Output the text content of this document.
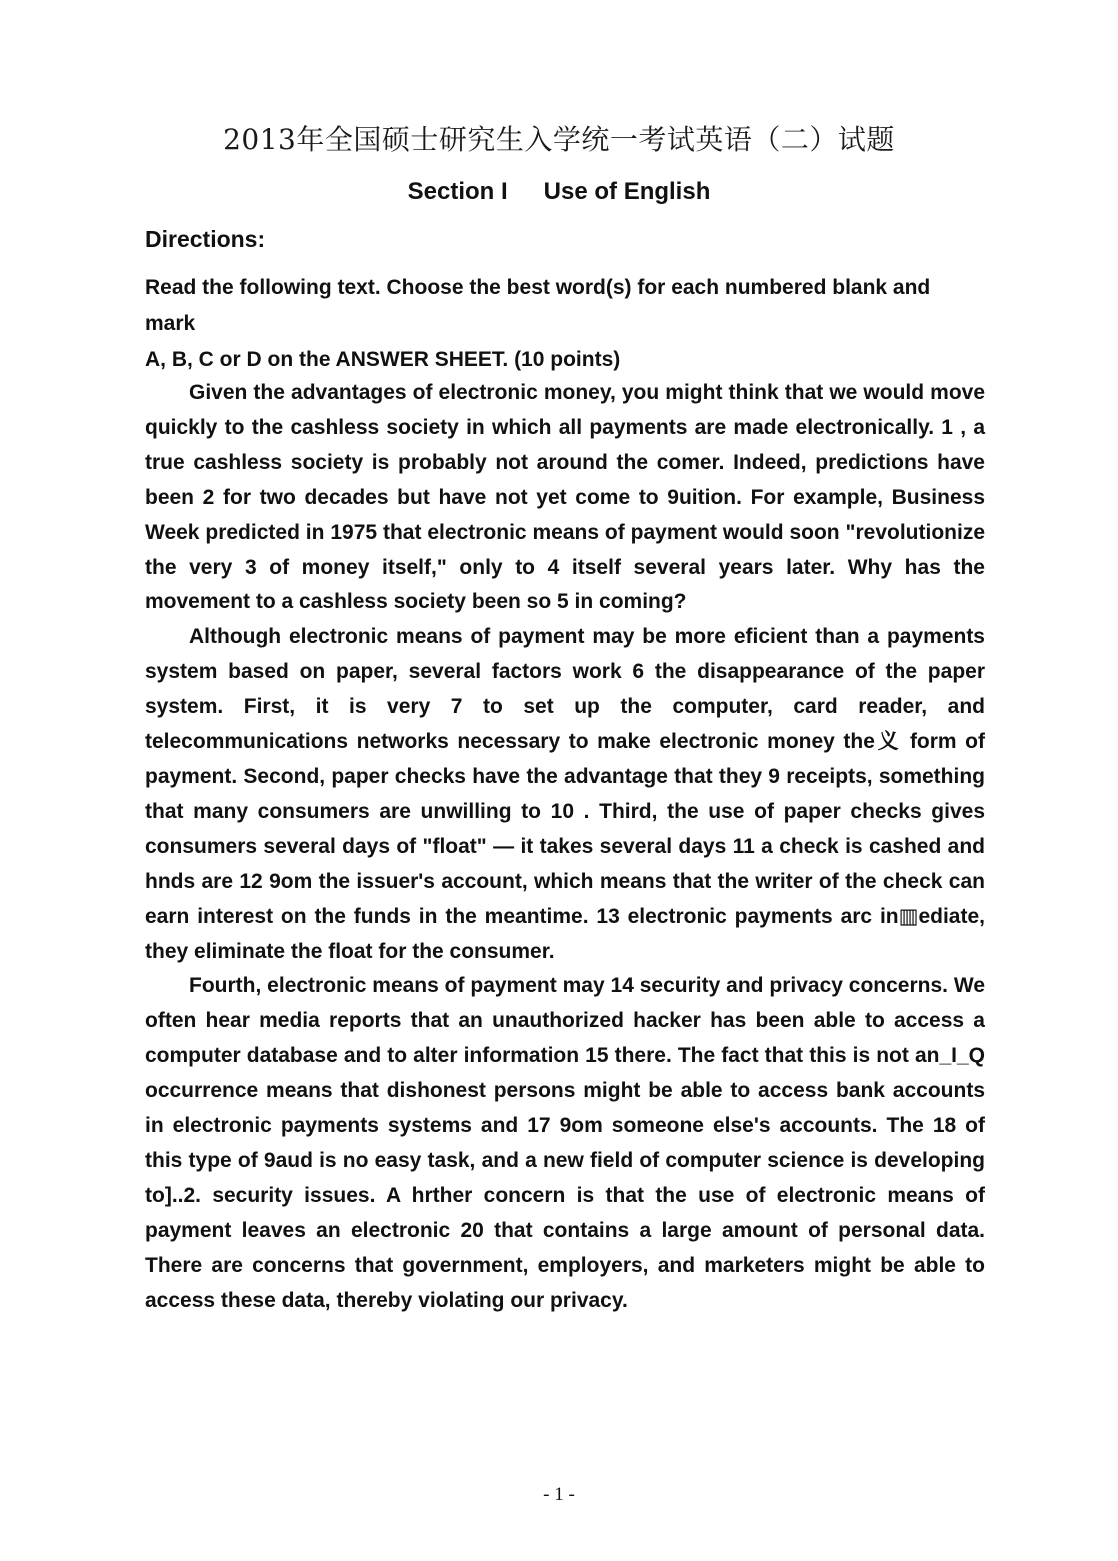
2013年全国硕士研究生入学统一考试英语（二）试题
Section I Use of English
Directions:
Read the following text. Choose the best word(s) for each numbered blank and mark
A, B, C or D on the ANSWER SHEET. (10 points)

Given the advantages of electronic money, you might think that we would move quickly to the cashless society in which all payments are made electronically. 1 , a true cashless society is probably not around the comer. Indeed, predictions have been 2 for two decades but have not yet come to 9uition. For example, Business Week predicted in 1975 that electronic means of payment would soon "revolutionize the very 3 of money itself," only to 4 itself several years later. Why has the movement to a cashless society been so 5 in coming?

Although electronic means of payment may be more eficient than a payments system based on paper, several factors work 6 the disappearance of the paper system. First, it is very 7 to set up the computer, card reader, and telecommunications networks necessary to make electronic money the义 form of payment. Second, paper checks have the advantage that they 9 receipts, something that many consumers are unwilling to 10 . Third, the use of paper checks gives consumers several days of "float" — it takes several days 11 a check is cashed and hnds are 12 9om the issuer's account, which means that the writer of the check can earn interest on the funds in the meantime. 13 electronic payments arc in▥ediate, they eliminate the float for the consumer.

Fourth, electronic means of payment may 14 security and privacy concerns. We often hear media reports that an unauthorized hacker has been able to access a computer database and to alter information 15 there. The fact that this is not an_I_Q occurrence means that dishonest persons might be able to access bank accounts in electronic payments systems and 17 9om someone else's accounts. The 18 of this type of 9aud is no easy task, and a new field of computer science is developing to]..2. security issues. A hrther concern is that the use of electronic means of payment leaves an electronic 20 that contains a large amount of personal data. There are concerns that government, employers, and marketers might be able to access these data, thereby violating our privacy.

- 1 -
